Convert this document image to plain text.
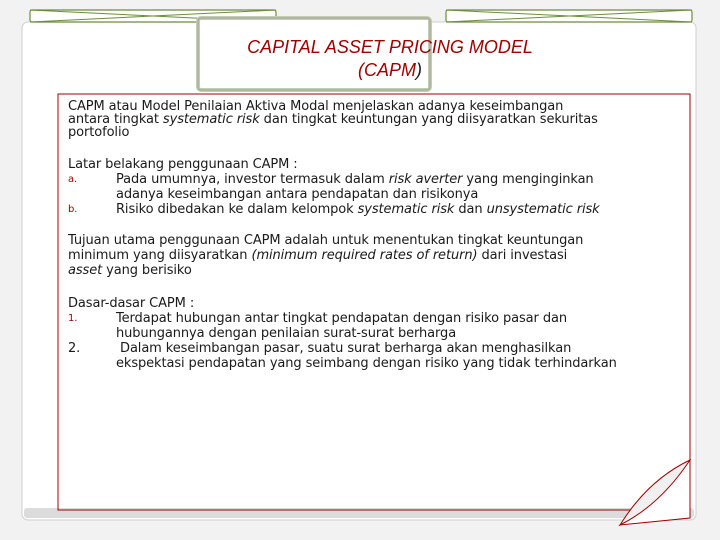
CAPITAL ASSET PRICING MODEL
(CAPM)
CAPM atau Model Penilaian Aktiva Modal menjelaskan adanya keseimbangan
antara tingkat systematic risk dan tingkat keuntungan yang diisyaratkan sekuritas
portofolio
Latar belakang penggunaan CAPM :
a.	Pada umumnya, investor termasuk dalam risk averter yang menginginkan
adanya keseimbangan antara pendapatan dan risikonya
b.	Risiko dibedakan ke dalam kelompok systematic risk dan unsystematic risk
Tujuan utama penggunaan CAPM adalah untuk menentukan tingkat keuntungan
minimum yang diisyaratkan (minimum required rates of return) dari investasi
asset yang berisiko
Dasar-dasar CAPM :
1.	Terdapat hubungan antar tingkat pendapatan dengan risiko pasar dan
hubungannya dengan penilaian surat-surat berharga
2.	Dalam keseimbangan pasar, suatu surat berharga akan menghasilkan
ekspektasi pendapatan yang seimbang dengan risiko yang tidak terhindarkan
